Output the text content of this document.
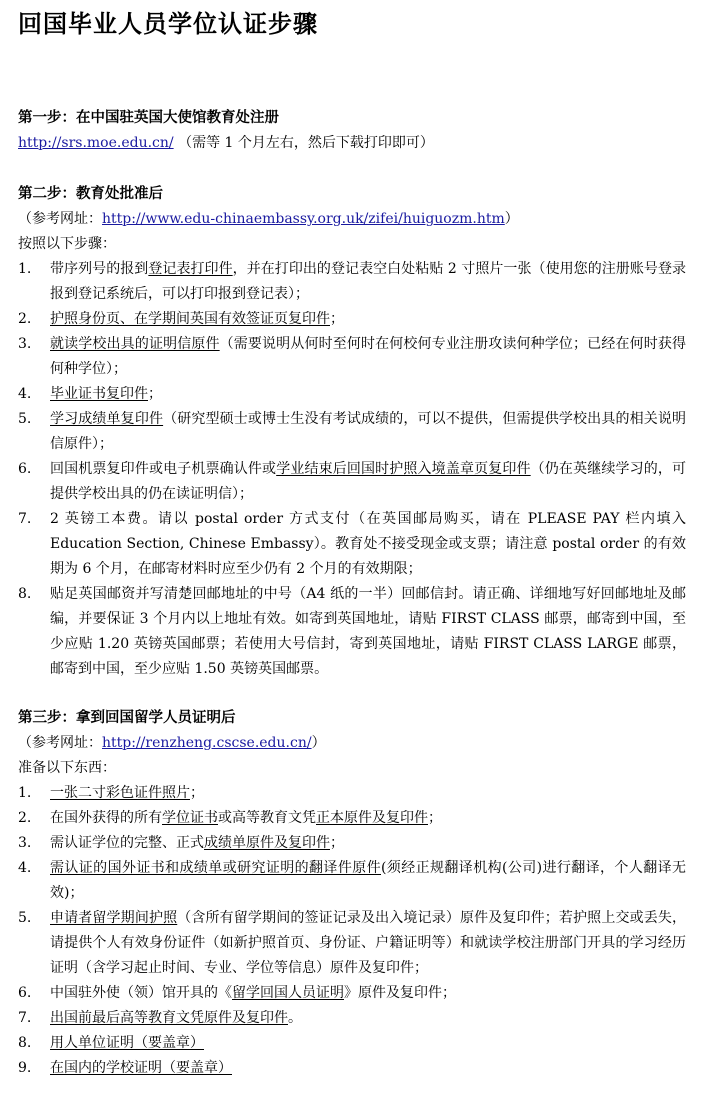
回国毕业人员学位认证步骤
第一步：在中国驻英国大使馆教育处注册
http://srs.moe.edu.cn/ （需等 1 个月左右，然后下载打印即可）
第二步：教育处批准后
（参考网址：http://www.edu-chinaembassy.org.uk/zifei/huiguozm.htm）
按照以下步骤：
1. 带序列号的报到登记表打印件，并在打印出的登记表空白处粘贴 2 寸照片一张（使用您的注册账号登录报到登记系统后，可以打印报到登记表）；
2. 护照身份页、在学期间英国有效签证页复印件；
3. 就读学校出具的证明信原件（需要说明从何时至何时在何校何专业注册攻读何种学位；已经在何时获得何种学位）；
4. 毕业证书复印件；
5. 学习成绩单复印件（研究型硕士或博士生没有考试成绩的，可以不提供，但需提供学校出具的相关说明信原件）；
6. 回国机票复印件或电子机票确认件或学业结束后回国时护照入境盖章页复印件（仍在英继续学习的，可提供学校出具的仍在读证明信）；
7. 2 英镑工本费。请以 postal order 方式支付（在英国邮局购买，请在 PLEASE PAY 栏内填入 Education Section, Chinese Embassy）。教育处不接受现金或支票；请注意 postal order 的有效期为 6 个月，在邮寄材料时应至少仍有 2 个月的有效期限；
8. 贴足英国邮资并写清楚回邮地址的中号（A4 纸的一半）回邮信封。请正确、详细地写好回邮地址及邮编，并要保证 3 个月内以上地址有效。如寄到英国地址，请贴 FIRST CLASS 邮票，邮寄到中国，至少应贴 1.20 英镑英国邮票；若使用大号信封，寄到英国地址，请贴 FIRST CLASS LARGE 邮票，邮寄到中国，至少应贴 1.50 英镑英国邮票。
第三步：拿到回国留学人员证明后
（参考网址：http://renzheng.cscse.edu.cn/）
准备以下东西：
1. 一张二寸彩色证件照片；
2. 在国外获得的所有学位证书或高等教育文凭正本原件及复印件；
3. 需认证学位的完整、正式成绩单原件及复印件；
4. 需认证的国外证书和成绩单或研究证明的翻译件原件(须经正规翻译机构(公司)进行翻译，个人翻译无效)；
5. 申请者留学期间护照（含所有留学期间的签证记录及出入境记录）原件及复印件；若护照上交或丢失，请提供个人有效身份证件（如新护照首页、身份证、户籍证明等）和就读学校注册部门开具的学习经历证明（含学习起止时间、专业、学位等信息）原件及复印件；
6. 中国驻外使（领）馆开具的《留学回国人员证明》原件及复印件；
7. 出国前最后高等教育文凭原件及复印件。
8. 用人单位证明（要盖章）
9. 在国内的学校证明（要盖章）
